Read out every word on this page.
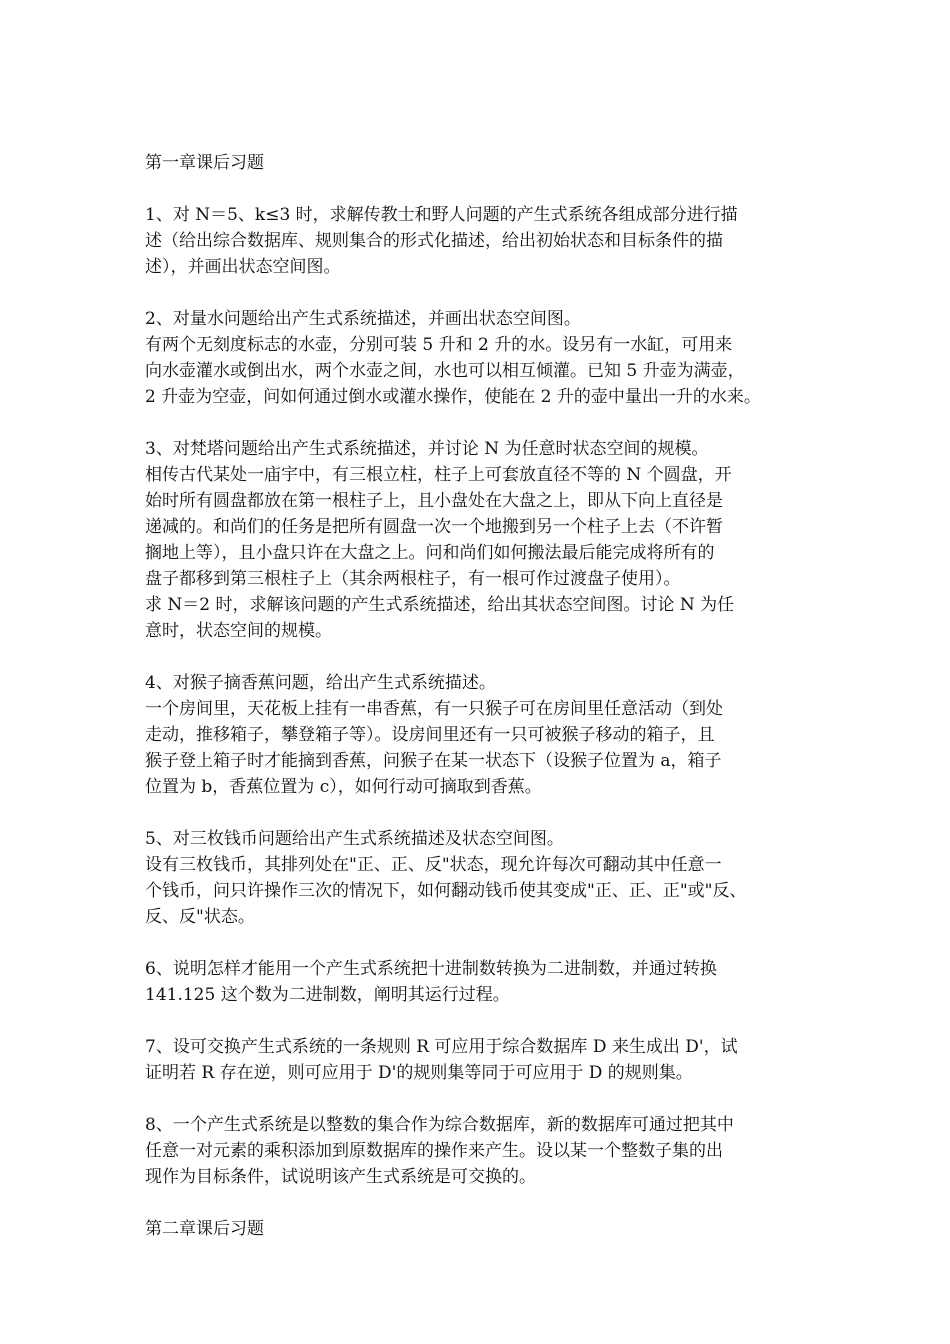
第一章课后习题

1、对 N＝5、k≤3 时，求解传教士和野人问题的产生式系统各组成部分进行描
述（给出综合数据库、规则集合的形式化描述，给出初始状态和目标条件的描
述），并画出状态空间图。

2、对量水问题给出产生式系统描述，并画出状态空间图。
有两个无刻度标志的水壶，分别可装 5 升和 2 升的水。设另有一水缸，可用来
向水壶灌水或倒出水，两个水壶之间，水也可以相互倾灌。已知 5 升壶为满壶，
2 升壶为空壶，问如何通过倒水或灌水操作，使能在 2 升的壶中量出一升的水来。

3、对梵塔问题给出产生式系统描述，并讨论 N 为任意时状态空间的规模。
相传古代某处一庙宇中，有三根立柱，柱子上可套放直径不等的 N 个圆盘，开
始时所有圆盘都放在第一根柱子上，且小盘处在大盘之上，即从下向上直径是
递减的。和尚们的任务是把所有圆盘一次一个地搬到另一个柱子上去（不许暂
搁地上等），且小盘只许在大盘之上。问和尚们如何搬法最后能完成将所有的
盘子都移到第三根柱子上（其余两根柱子，有一根可作过渡盘子使用）。
求 N＝2 时，求解该问题的产生式系统描述，给出其状态空间图。讨论 N 为任
意时，状态空间的规模。

4、对猴子摘香蕉问题，给出产生式系统描述。
一个房间里，天花板上挂有一串香蕉，有一只猴子可在房间里任意活动（到处
走动，推移箱子，攀登箱子等）。设房间里还有一只可被猴子移动的箱子，且
猴子登上箱子时才能摘到香蕉，问猴子在某一状态下（设猴子位置为 a，箱子
位置为 b，香蕉位置为 c），如何行动可摘取到香蕉。

5、对三枚钱币问题给出产生式系统描述及状态空间图。
设有三枚钱币，其排列处在"正、正、反"状态，现允许每次可翻动其中任意一
个钱币，问只许操作三次的情况下，如何翻动钱币使其变成"正、正、正"或"反、
反、反"状态。

6、说明怎样才能用一个产生式系统把十进制数转换为二进制数，并通过转换
141.125 这个数为二进制数，阐明其运行过程。

7、设可交换产生式系统的一条规则 R 可应用于综合数据库 D 来生成出 D'，试
证明若 R 存在逆，则可应用于 D'的规则集等同于可应用于 D 的规则集。

8、一个产生式系统是以整数的集合作为综合数据库，新的数据库可通过把其中
任意一对元素的乘积添加到原数据库的操作来产生。设以某一个整数子集的出
现作为目标条件，试说明该产生式系统是可交换的。

第二章课后习题
